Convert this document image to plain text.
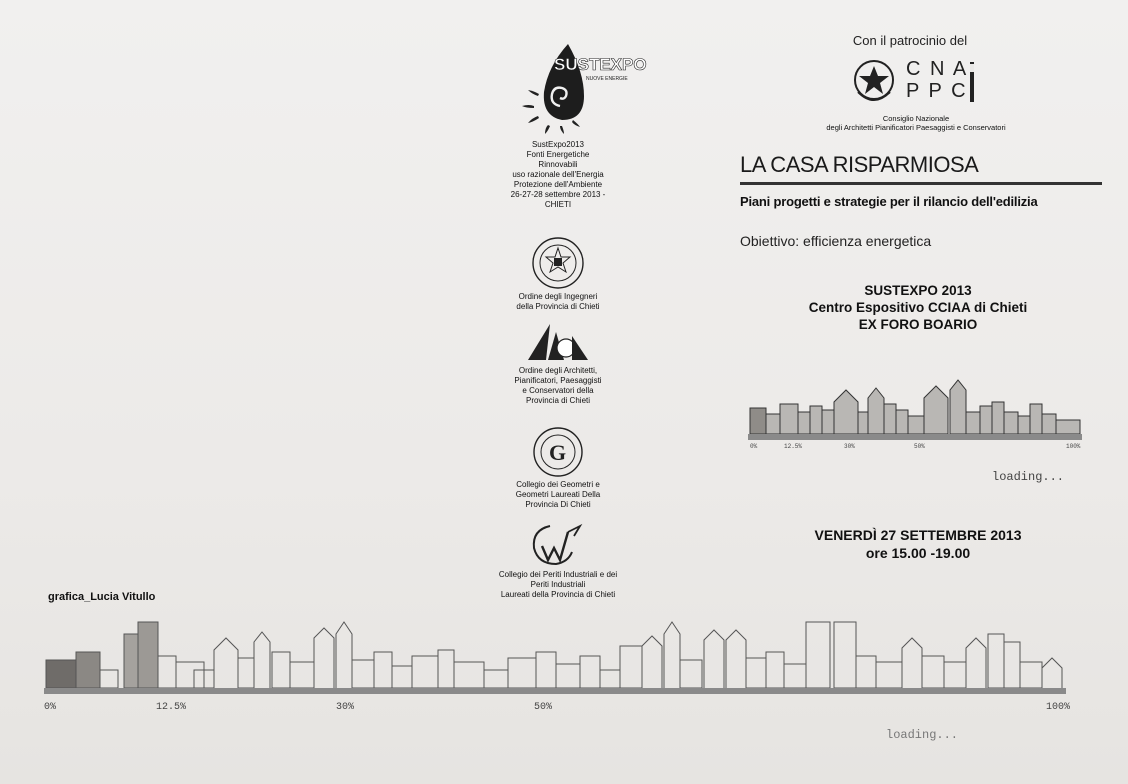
SUSTEXPO
NUOVE ENERGIE
SustExpo2013
Fonti Energetiche
Rinnovabili
uso razionale dell'Energia
Protezione dell'Ambiente
26-27-28 settembre 2013 -
CHIETI
Ordine degli Ingegneri
della Provincia di Chieti
Ordine degli Architetti,
Pianificatori, Paesaggisti
e Conservatori della
Provincia di Chieti
G
Collegio dei Geometri e
Geometri Laureati Della
Provincia Di Chieti
Collegio dei Periti Industriali e dei
Periti Industriali
Laureati della Provincia di Chieti
Con il patrocinio del
C N A
P P C
Consiglio Nazionale
degli Architetti Pianificatori Paesaggisti e Conservatori
LA CASA RISPARMIOSA
Piani progetti e strategie per il rilancio dell'edilizia
Obiettivo: efficienza energetica
SUSTEXPO 2013
Centro Espositivo CCIAA di Chieti
EX FORO BOARIO
0%	12.5%	30%	50%	100%
loading...
VENERDÌ 27 SETTEMBRE 2013
ore 15.00 -19.00
grafica_Lucia Vitullo
0%	12.5%	30%	50%	100%
loading...
